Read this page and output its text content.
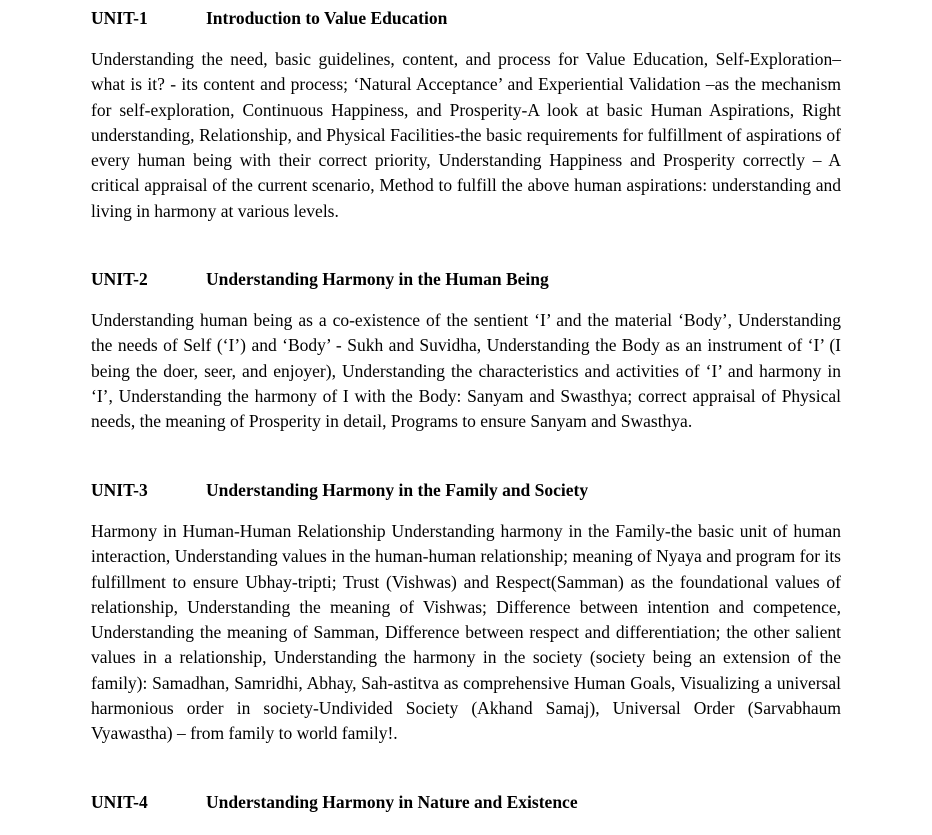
UNIT-1	Introduction to Value Education

Understanding the need, basic guidelines, content, and process for Value Education, Self-Exploration–what is it? - its content and process; ‘Natural Acceptance’ and Experiential Validation –as the mechanism for self-exploration, Continuous Happiness, and Prosperity-A look at basic Human Aspirations, Right understanding, Relationship, and Physical Facilities-the basic requirements for fulfillment of aspirations of every human being with their correct priority, Understanding Happiness and Prosperity correctly – A critical appraisal of the current scenario, Method to fulfill the above human aspirations: understanding and living in harmony at various levels.

UNIT-2	Understanding Harmony in the Human Being

Understanding human being as a co-existence of the sentient ‘I’ and the material ‘Body’, Understanding the needs of Self (‘I’) and ‘Body’ - Sukh and Suvidha, Understanding the Body as an instrument of ‘I’ (I being the doer, seer, and enjoyer), Understanding the characteristics and activities of ‘I’ and harmony in ‘I’, Understanding the harmony of I with the Body: Sanyam and Swasthya; correct appraisal of Physical needs, the meaning of Prosperity in detail, Programs to ensure Sanyam and Swasthya.

UNIT-3	Understanding Harmony in the Family and Society

Harmony in Human-Human Relationship Understanding harmony in the Family-the basic unit of human interaction, Understanding values in the human-human relationship; meaning of Nyaya and program for its fulfillment to ensure Ubhay-tripti; Trust (Vishwas) and Respect(Samman) as the foundational values of relationship, Understanding the meaning of Vishwas; Difference between intention and competence, Understanding the meaning of Samman, Difference between respect and differentiation; the other salient values in a relationship, Understanding the harmony in the society (society being an extension of the family): Samadhan, Samridhi, Abhay, Sah-astitva as comprehensive Human Goals, Visualizing a universal harmonious order in society-Undivided Society (Akhand Samaj), Universal Order (Sarvabhaum Vyawastha) – from family to world family!.

UNIT-4	Understanding Harmony in Nature and Existence
